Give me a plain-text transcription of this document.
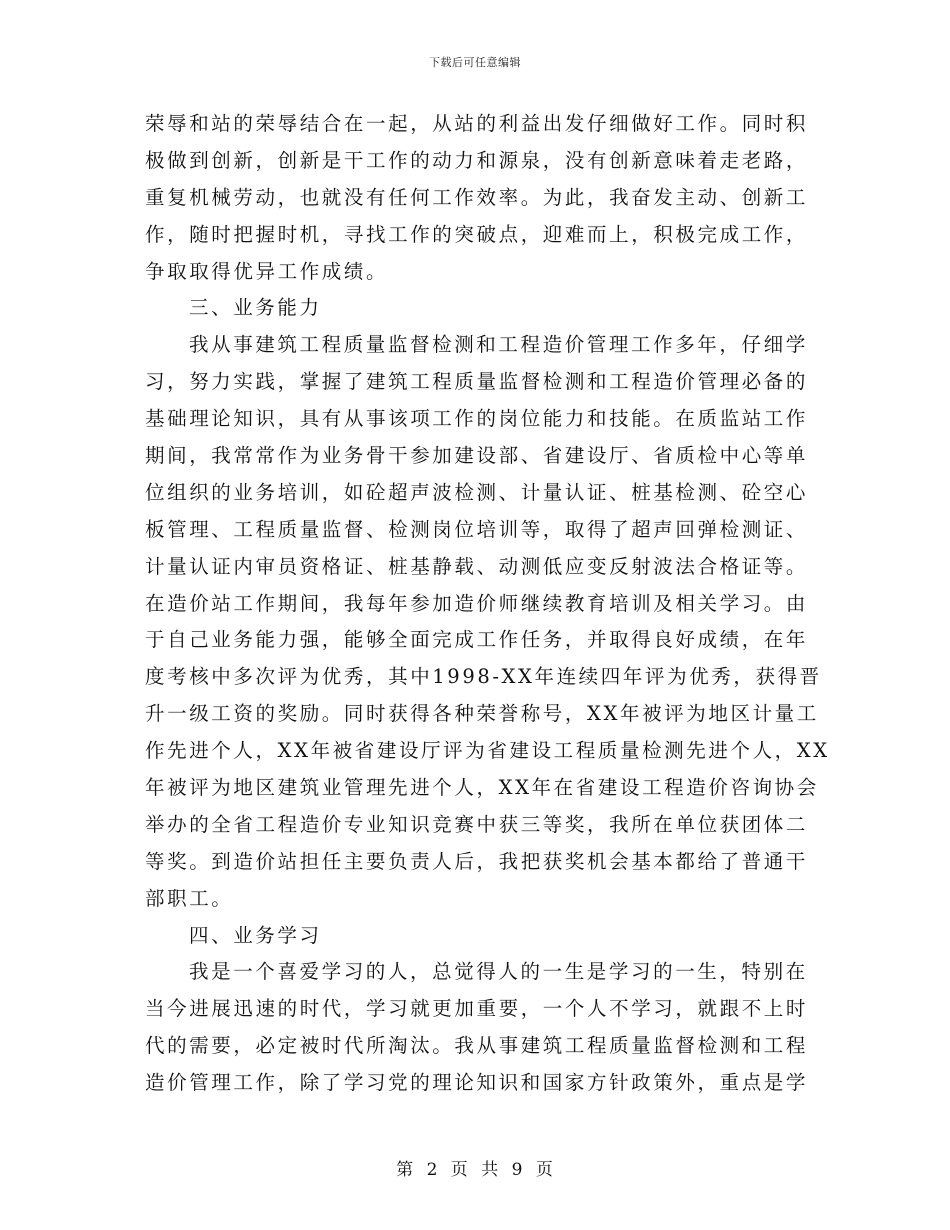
下载后可任意编辑
荣辱和站的荣辱结合在一起，从站的利益出发仔细做好工作。同时积
极做到创新，创新是干工作的动力和源泉，没有创新意味着走老路，
重复机械劳动，也就没有任何工作效率。为此，我奋发主动、创新工
作，随时把握时机，寻找工作的突破点，迎难而上，积极完成工作，
争取取得优异工作成绩。
三、业务能力
我从事建筑工程质量监督检测和工程造价管理工作多年，仔细学
习，努力实践，掌握了建筑工程质量监督检测和工程造价管理必备的
基础理论知识，具有从事该项工作的岗位能力和技能。在质监站工作
期间，我常常作为业务骨干参加建设部、省建设厅、省质检中心等单
位组织的业务培训，如砼超声波检测、计量认证、桩基检测、砼空心
板管理、工程质量监督、检测岗位培训等，取得了超声回弹检测证、
计量认证内审员资格证、桩基静载、动测低应变反射波法合格证等。
在造价站工作期间，我每年参加造价师继续教育培训及相关学习。由
于自己业务能力强，能够全面完成工作任务，并取得良好成绩，在年
度考核中多次评为优秀，其中1998-XX年连续四年评为优秀，获得晋
升一级工资的奖励。同时获得各种荣誉称号，XX年被评为地区计量工
作先进个人，XX年被省建设厅评为省建设工程质量检测先进个人，XX
年被评为地区建筑业管理先进个人，XX年在省建设工程造价咨询协会
举办的全省工程造价专业知识竞赛中获三等奖，我所在单位获团体二
等奖。到造价站担任主要负责人后，我把获奖机会基本都给了普通干
部职工。
四、业务学习
我是一个喜爱学习的人，总觉得人的一生是学习的一生，特别在
当今进展迅速的时代，学习就更加重要，一个人不学习，就跟不上时
代的需要，必定被时代所淘汰。我从事建筑工程质量监督检测和工程
造价管理工作，除了学习党的理论知识和国家方针政策外，重点是学
第 2 页 共 9 页
